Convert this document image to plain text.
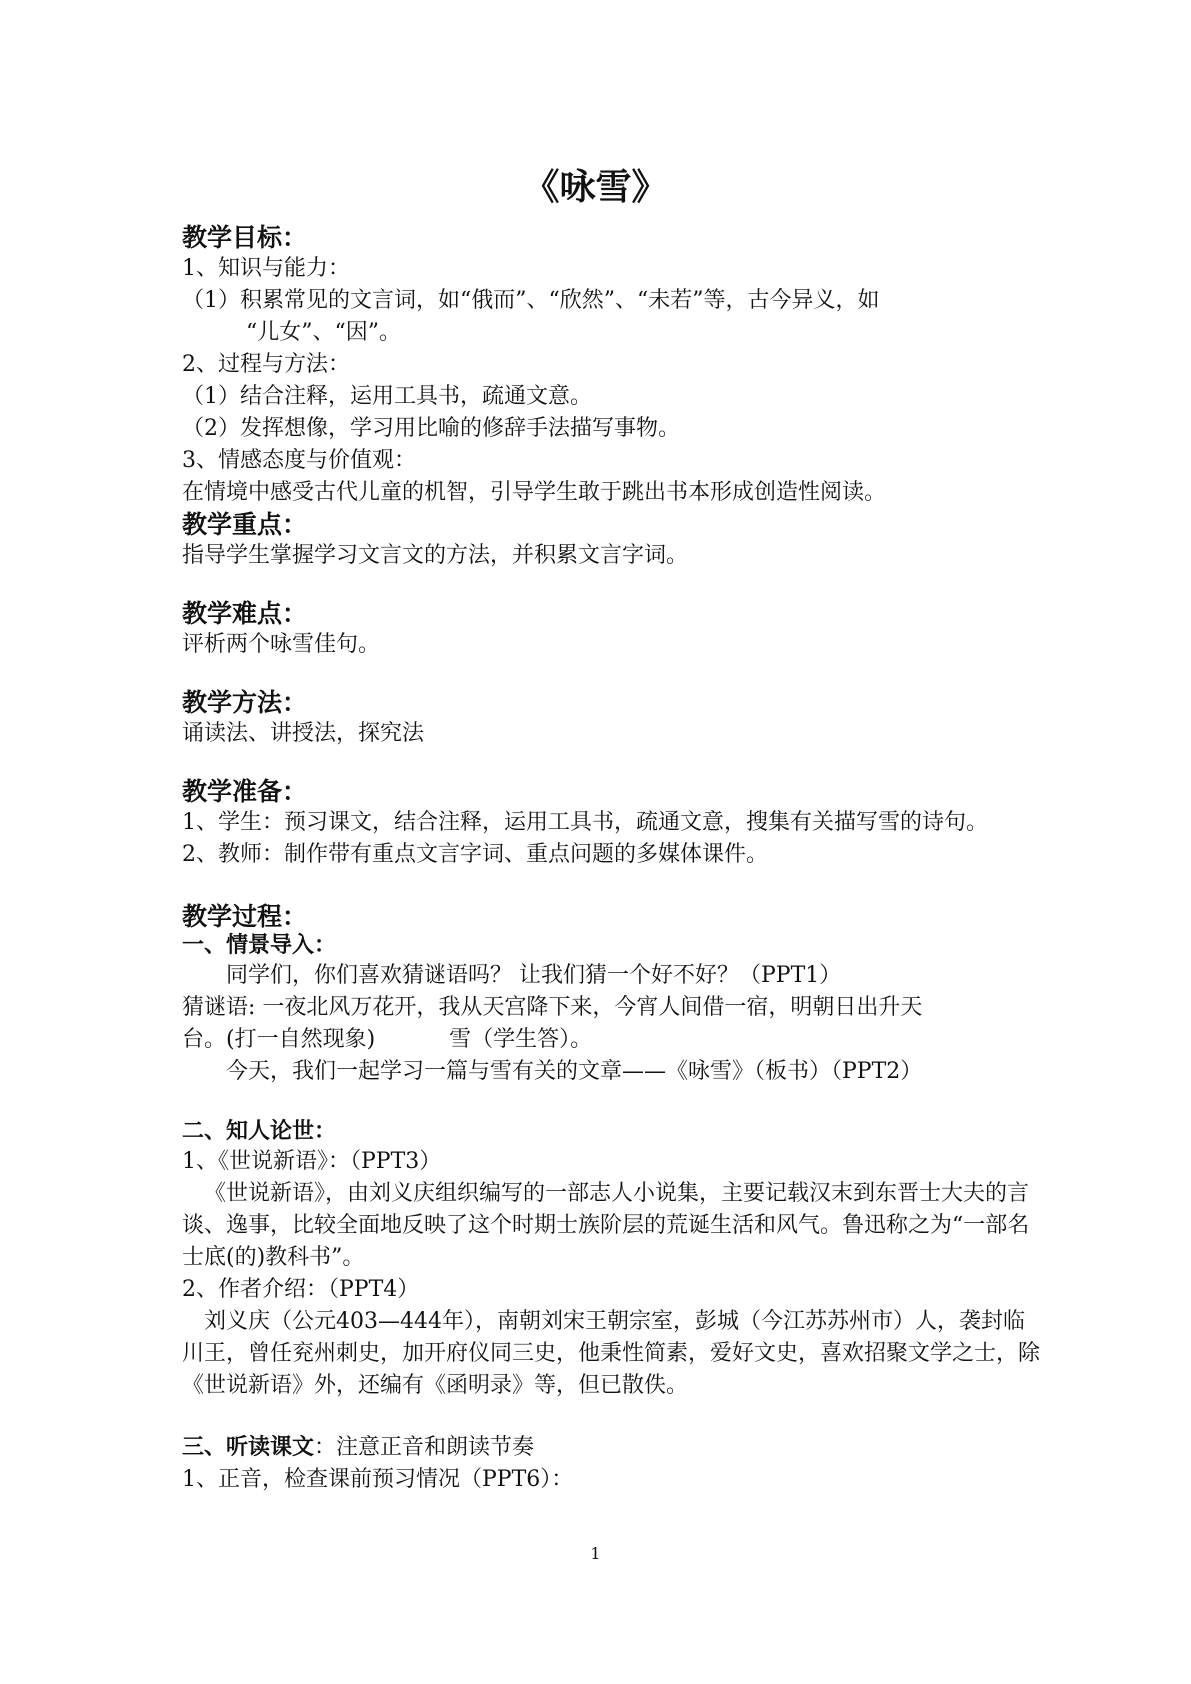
《咏雪》
教学目标：
1、知识与能力：
（1）积累常见的文言词，如“俄而”、“欣然”、“未若”等，古今异义，如
“儿女”、“因”。
2、过程与方法：
（1）结合注释，运用工具书，疏通文意。
（2）发挥想像，学习用比喻的修辞手法描写事物。
3、情感态度与价值观：
在情境中感受古代儿童的机智，引导学生敢于跳出书本形成创造性阅读。
教学重点：
指导学生掌握学习文言文的方法，并积累文言字词。
教学难点：
评析两个咏雪佳句。
教学方法：
诵读法、讲授法，探究法
教学准备：
1、学生：预习课文，结合注释，运用工具书，疏通文意，搜集有关描写雪的诗句。
2、教师：制作带有重点文言字词、重点问题的多媒体课件。
教学过程：
一、情景导入：
同学们，你们喜欢猜谜语吗？ 让我们猜一个好不好？（PPT1）
猜谜语: 一夜北风万花开，我从天宫降下来，今宵人间借一宿，明朝日出升天
台。(打一自然现象)	雪（学生答）。
今天，我们一起学习一篇与雪有关的文章——《咏雪》（板书）（PPT2）
二、知人论世：
1、《世说新语》：（PPT3）
《世说新语》，由刘义庆组织编写的一部志人小说集，主要记载汉末到东晋士大夫的言谈、逸事，比较全面地反映了这个时期士族阶层的荒诞生活和风气。鲁迅称之为“一部名士底(的)教科书”。
2、作者介绍：（PPT4）
刘义庆（公元403—444年），南朝刘宋王朝宗室，彭城（今江苏苏州市）人，袭封临川王，曾任兖州刺史，加开府仪同三史，他秉性简素，爱好文史，喜欢招聚文学之士，除《世说新语》外，还编有《函明录》等，但已散佚。
三、听读课文：注意正音和朗读节奏
1、正音，检查课前预习情况（PPT6）：
1
